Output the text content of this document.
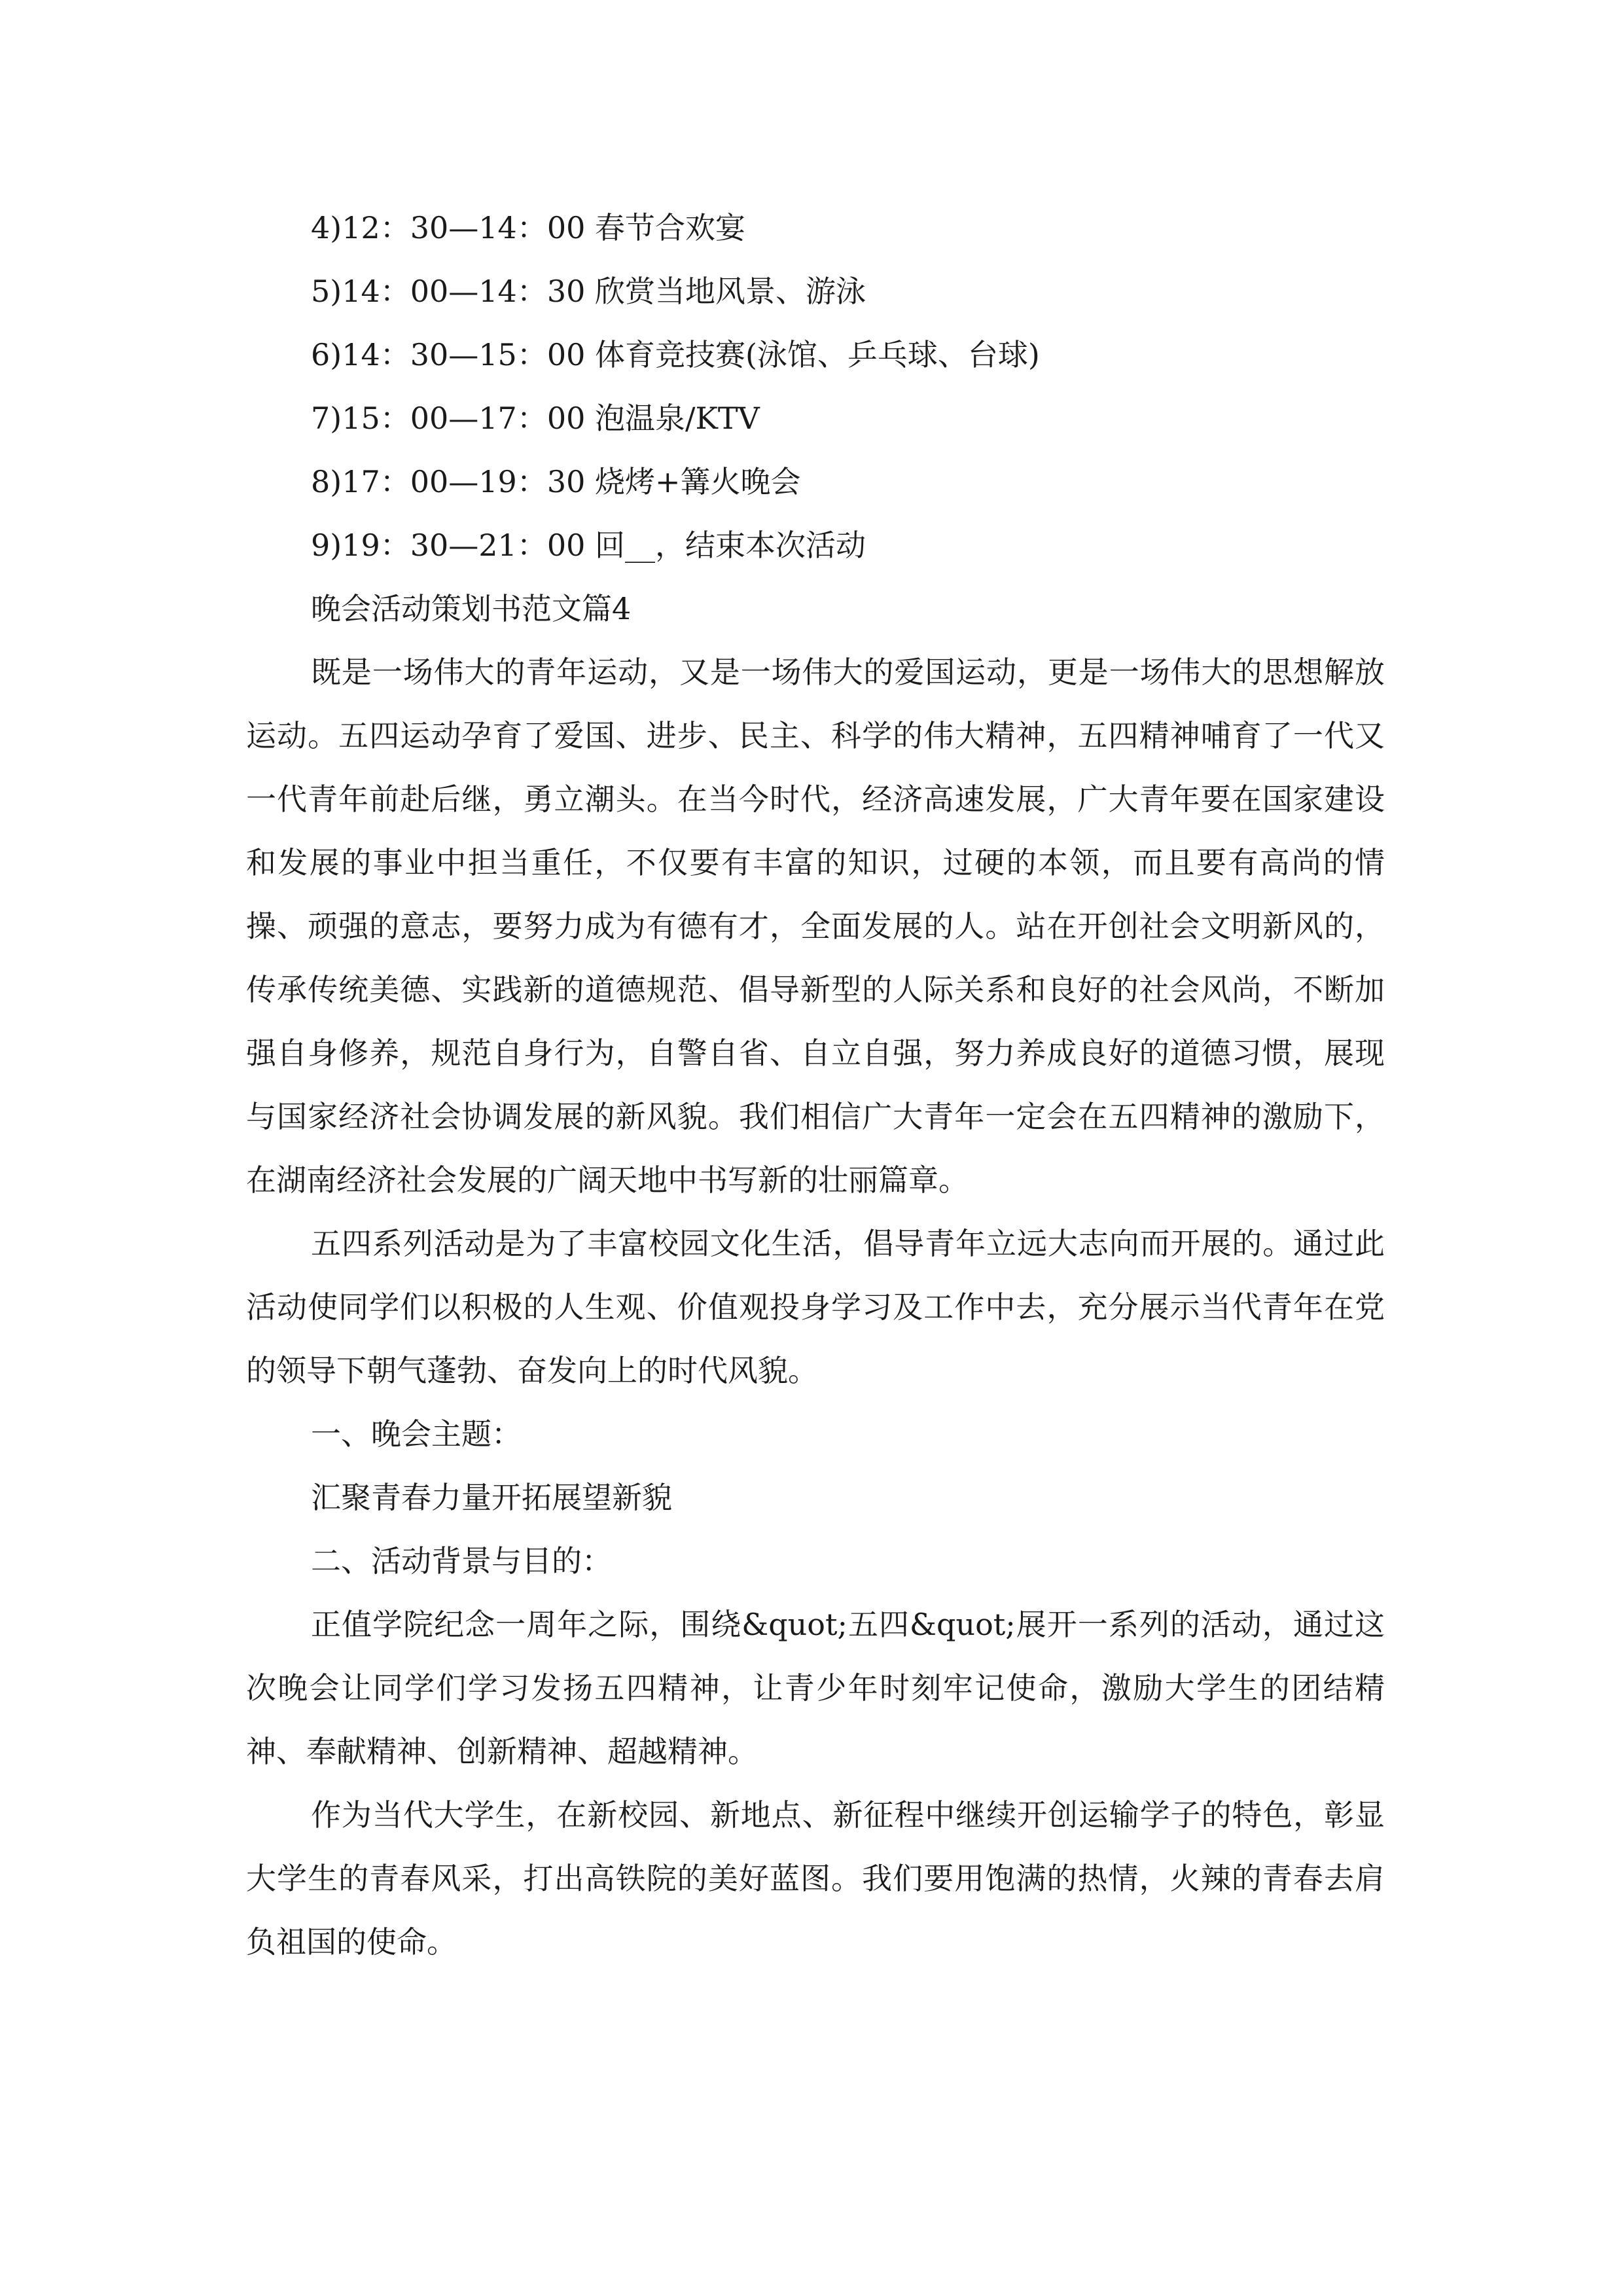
4)12：30—14：00 春节合欢宴

5)14：00—14：30 欣赏当地风景、游泳

6)14：30—15：00 体育竞技赛(泳馆、乒乓球、台球)

7)15：00—17：00 泡温泉/KTV

8)17：00—19：30 烧烤+篝火晚会

9)19：30—21：00 回__，结束本次活动

晚会活动策划书范文篇4

既是一场伟大的青年运动，又是一场伟大的爱国运动，更是一场伟大的思想解放运动。五四运动孕育了爱国、进步、民主、科学的伟大精神，五四精神哺育了一代又一代青年前赴后继，勇立潮头。在当今时代，经济高速发展，广大青年要在国家建设和发展的事业中担当重任，不仅要有丰富的知识，过硬的本领，而且要有高尚的情操、顽强的意志，要努力成为有德有才，全面发展的人。站在开创社会文明新风的，传承传统美德、实践新的道德规范、倡导新型的人际关系和良好的社会风尚，不断加强自身修养，规范自身行为，自警自省、自立自强，努力养成良好的道德习惯，展现与国家经济社会协调发展的新风貌。我们相信广大青年一定会在五四精神的激励下，在湖南经济社会发展的广阔天地中书写新的壮丽篇章。

五四系列活动是为了丰富校园文化生活，倡导青年立远大志向而开展的。通过此活动使同学们以积极的人生观、价值观投身学习及工作中去，充分展示当代青年在党的领导下朝气蓬勃、奋发向上的时代风貌。

一、晚会主题：

汇聚青春力量开拓展望新貌

二、活动背景与目的：

正值学院纪念一周年之际，围绕&quot;五四&quot;展开一系列的活动，通过这次晚会让同学们学习发扬五四精神，让青少年时刻牢记使命，激励大学生的团结精神、奉献精神、创新精神、超越精神。

作为当代大学生，在新校园、新地点、新征程中继续开创运输学子的特色，彰显大学生的青春风采，打出高铁院的美好蓝图。我们要用饱满的热情，火辣的青春去肩负祖国的使命。
